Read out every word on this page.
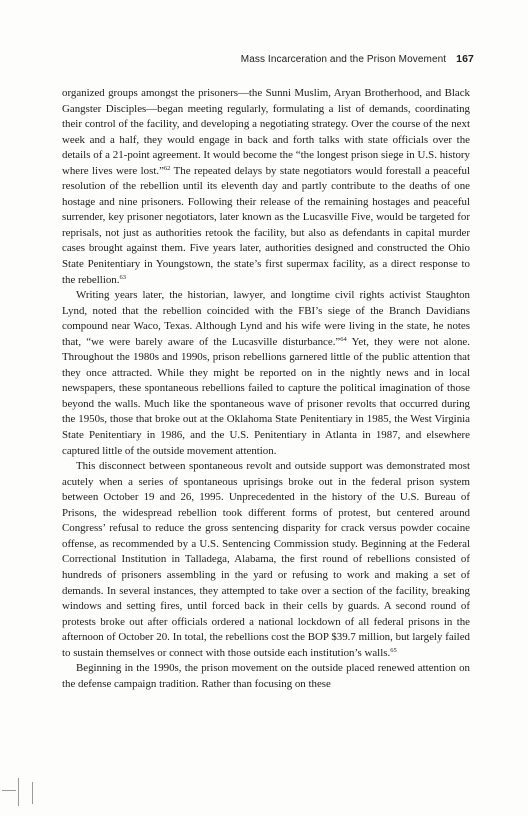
Mass Incarceration and the Prison Movement 167

organized groups amongst the prisoners—the Sunni Muslim, Aryan Brotherhood, and Black Gangster Disciples—began meeting regularly, formulating a list of demands, coordinating their control of the facility, and developing a negotiating strategy. Over the course of the next week and a half, they would engage in back and forth talks with state officials over the details of a 21-point agreement. It would become the “the longest prison siege in U.S. history where lives were lost.”$^{62}$ The repeated delays by state negotiators would forestall a peaceful resolution of the rebellion until its eleventh day and partly contribute to the deaths of one hostage and nine prisoners. Following their release of the remaining hostages and peaceful surrender, key prisoner negotiators, later known as the Lucasville Five, would be targeted for reprisals, not just as authorities retook the facility, but also as defendants in capital murder cases brought against them. Five years later, authorities designed and constructed the Ohio State Penitentiary in Youngstown, the state’s first supermax facility, as a direct response to the rebellion.$^{63}$

Writing years later, the historian, lawyer, and longtime civil rights activist Staughton Lynd, noted that the rebellion coincided with the FBI’s siege of the Branch Davidians compound near Waco, Texas. Although Lynd and his wife were living in the state, he notes that, “we were barely aware of the Lucasville disturbance.”$^{64}$ Yet, they were not alone. Throughout the 1980s and 1990s, prison rebellions garnered little of the public attention that they once attracted. While they might be reported on in the nightly news and in local newspapers, these spontaneous rebellions failed to capture the political imagination of those beyond the walls. Much like the spontaneous wave of prisoner revolts that occurred during the 1950s, those that broke out at the Oklahoma State Penitentiary in 1985, the West Virginia State Penitentiary in 1986, and the U.S. Penitentiary in Atlanta in 1987, and elsewhere captured little of the outside movement attention.

This disconnect between spontaneous revolt and outside support was demonstrated most acutely when a series of spontaneous uprisings broke out in the federal prison system between October 19 and 26, 1995. Unprecedented in the history of the U.S. Bureau of Prisons, the widespread rebellion took different forms of protest, but centered around Congress’ refusal to reduce the gross sentencing disparity for crack versus powder cocaine offense, as recommended by a U.S. Sentencing Commission study. Beginning at the Federal Correctional Institution in Talladega, Alabama, the first round of rebellions consisted of hundreds of prisoners assembling in the yard or refusing to work and making a set of demands. In several instances, they attempted to take over a section of the facility, breaking windows and setting fires, until forced back in their cells by guards. A second round of protests broke out after officials ordered a national lockdown of all federal prisons in the afternoon of October 20. In total, the rebellions cost the BOP $39.7 million, but largely failed to sustain themselves or connect with those outside each institution’s walls.$^{65}$

Beginning in the 1990s, the prison movement on the outside placed renewed attention on the defense campaign tradition. Rather than focusing on these
